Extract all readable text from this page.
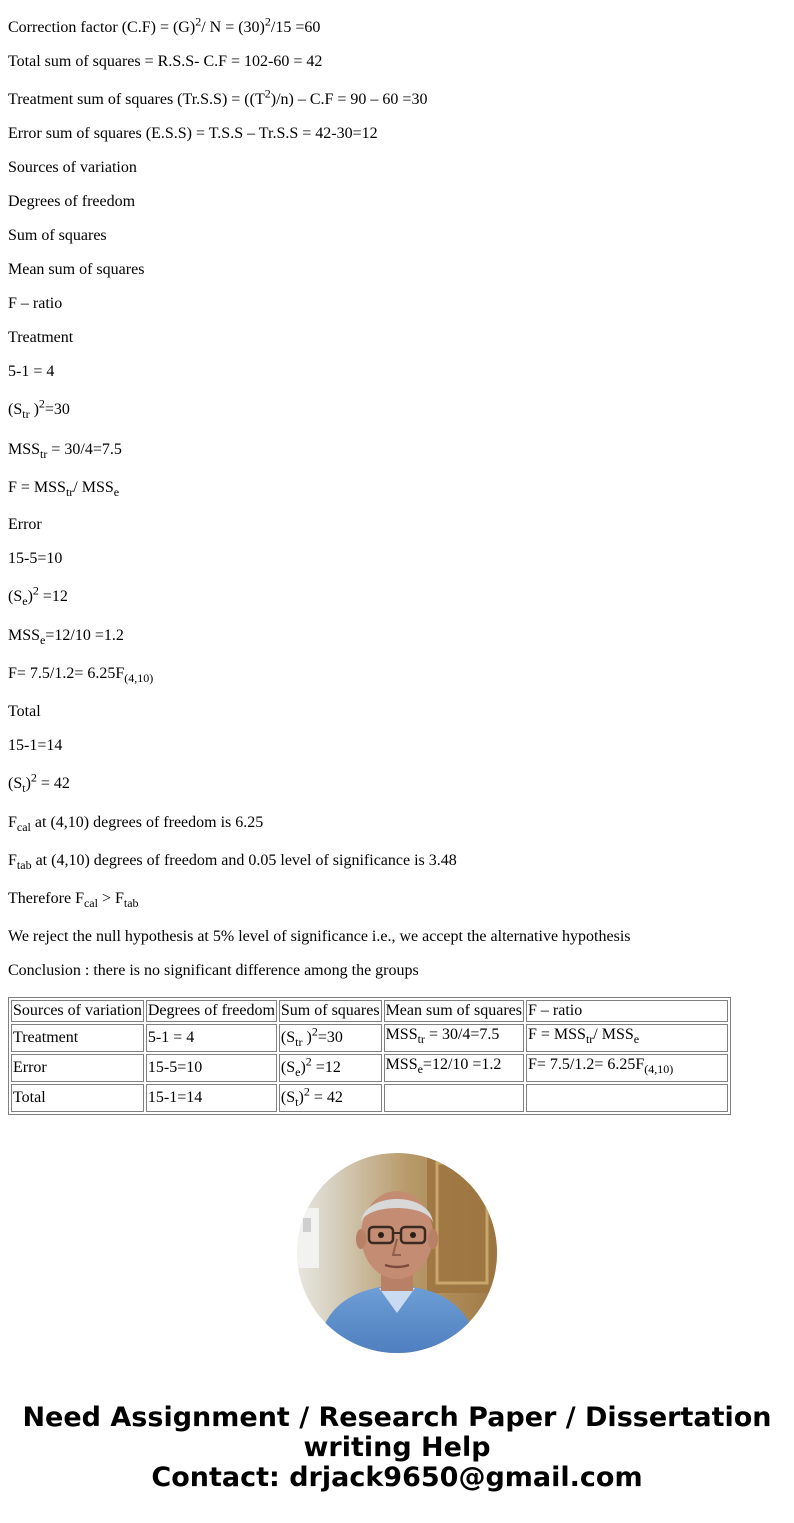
Correction factor $(C.F) = (G)^2/$ $N = (30)^2/15 =60$

Total sum of squares = R.S.S- C.F = 102-60 = 42

Treatment sum of squares $(Tr.S.S) = ((T^2)/n) - C.F = 90 - 60 =30$

Error sum of squares (E.S.S) = T.S.S – Tr.S.S = 42-30=12

Sources of variation

Degrees of freedom

Sum of squares

Mean sum of squares

F – ratio

Treatment

5-1 = 4

($S_{tr}$ )$^2$=30

$MSS_{tr} = 30/4=7.5$

$F = MSS_{tr}/$ $MSS_e$

Error

15-5=10

$(S_e)^2 =12$

$MSS_e=12/10 =1.2$

$F= 7.5/1.2= 6.25F_{(4,10)}$

Total

15-1=14

$(S_t)^2 = 42$

$F_{cal}$ at (4,10) degrees of freedom is 6.25

$F_{tab}$ at (4,10) degrees of freedom and 0.05 level of significance is 3.48

Therefore $F_{cal} > F_{tab}$

We reject the null hypothesis at 5% level of significance i.e., we accept the alternative hypothesis

Conclusion : there is no significant difference among the groups

Sources of variation	Degrees of freedom	Sum of squares	Mean sum of squares	F – ratio
Treatment	5-1 = 4	($S_{tr}$ )$^2$=30	$MSS_{tr} = 30/4=7.5$	$F = MSS_{tr}/$ $MSS_e$
Error	15-5=10	$(S_e)^2 =12$	$MSS_e=12/10 =1.2$	$F= 7.5/1.2= 6.25F_{(4,10)}$
Total	15-1=14	$(S_t)^2 = 42$		
Need Assignment / Research Paper / Dissertation
writing Help
Contact: drjack9650@gmail.com
